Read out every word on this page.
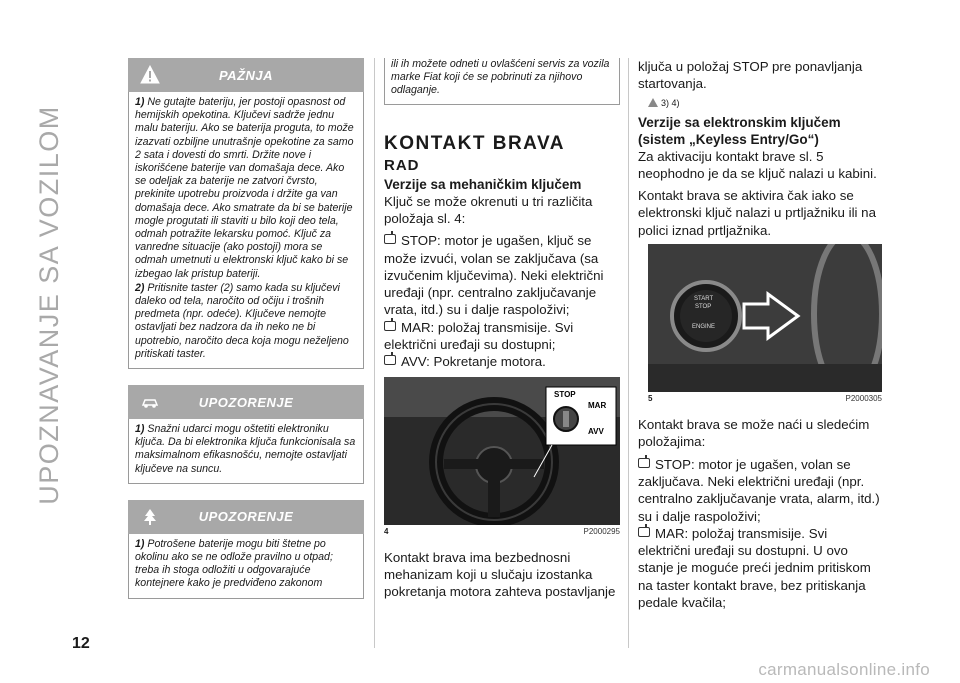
UPOZNAVANJE SA VOZILOM
12
carmanualsonline.info
PAŽNJA

1) Ne gutajte bateriju, jer postoji opasnost od hemijskih opekotina. Ključevi sadrže jednu malu bateriju. Ako se baterija proguta, to može izazvati ozbiljne unutrašnje opekotine za samo 2 sata i dovesti do smrti. Držite nove i iskorišćene baterije van domašaja dece. Ako se odeljak za baterije ne zatvori čvrsto, prekinite upotrebu proizvoda i držite ga van domašaja dece. Ako smatrate da bi se baterije mogle progutati ili staviti u bilo koji deo tela, odmah potražite lekarsku pomoć. Ključ za vanredne situacije (ako postoji) mora se odmah umetnuti u elektronski ključ kako bi se izbegao lak pristup bateriji.

2) Pritisnite taster (2) samo kada su ključevi daleko od tela, naročito od očiju i trošnih predmeta (npr. odeće). Ključeve nemojte ostavljati bez nadzora da ih neko ne bi upotrebio, naročito deca koja mogu neželjeno pritiskati taster.

UPOZORENJE

1) Snažni udarci mogu oštetiti elektroniku ključa. Da bi elektronika ključa funkcionisala sa maksimalnom efikasnošću, nemojte ostavljati ključeve na suncu.

UPOZORENJE

1) Potrošene baterije mogu biti štetne po okolinu ako se ne odlože pravilno u otpad; treba ih stoga odložiti u odgovarajuće kontejnere kako je predviđeno zakonom

ili ih možete odneti u ovlašćeni servis za vozila marke Fiat koji će se pobrinuti za njihovo odlaganje.

KONTAKT BRAVA
RAD
Verzije sa mehaničkim ključem

Ključ se može okrenuti u tri različita položaja sl. 4:

STOP: motor je ugašen, ključ se može izvući, volan se zaključava (sa izvučenim ključevima). Neki električni uređaji (npr. centralno zaključavanje vrata, itd.) su i dalje raspoloživi;

MAR: položaj transmisije. Svi električni uređaji su dostupni;

AVV: Pokretanje motora.

STOP
MAR
AVV
4	P2000295

Kontakt brava ima bezbednosni mehanizam koji u slučaju izostanka pokretanja motora zahteva postavljanje

ključa u položaj STOP pre ponavljanja startovanja.

3) 4)
Verzije sa elektronskim ključem (sistem „Keyless Entry/Go“)

Za aktivaciju kontakt brave sl. 5 neophodno je da se ključ nalazi u kabini.

Kontakt brava se aktivira čak iako se elektronski ključ nalazi u prtljažniku ili na polici iznad prtljažnika.

START
STOP
ENGINE
5	P2000305

Kontakt brava se može naći u sledećim položajima:

STOP: motor je ugašen, volan se zaključava. Neki električni uređaji (npr. centralno zaključavanje vrata, alarm, itd.) su i dalje raspoloživi;

MAR: položaj transmisije. Svi električni uređaji su dostupni. U ovo stanje je moguće preći jednim pritiskom na taster kontakt brave, bez pritiskanja pedale kvačila;
